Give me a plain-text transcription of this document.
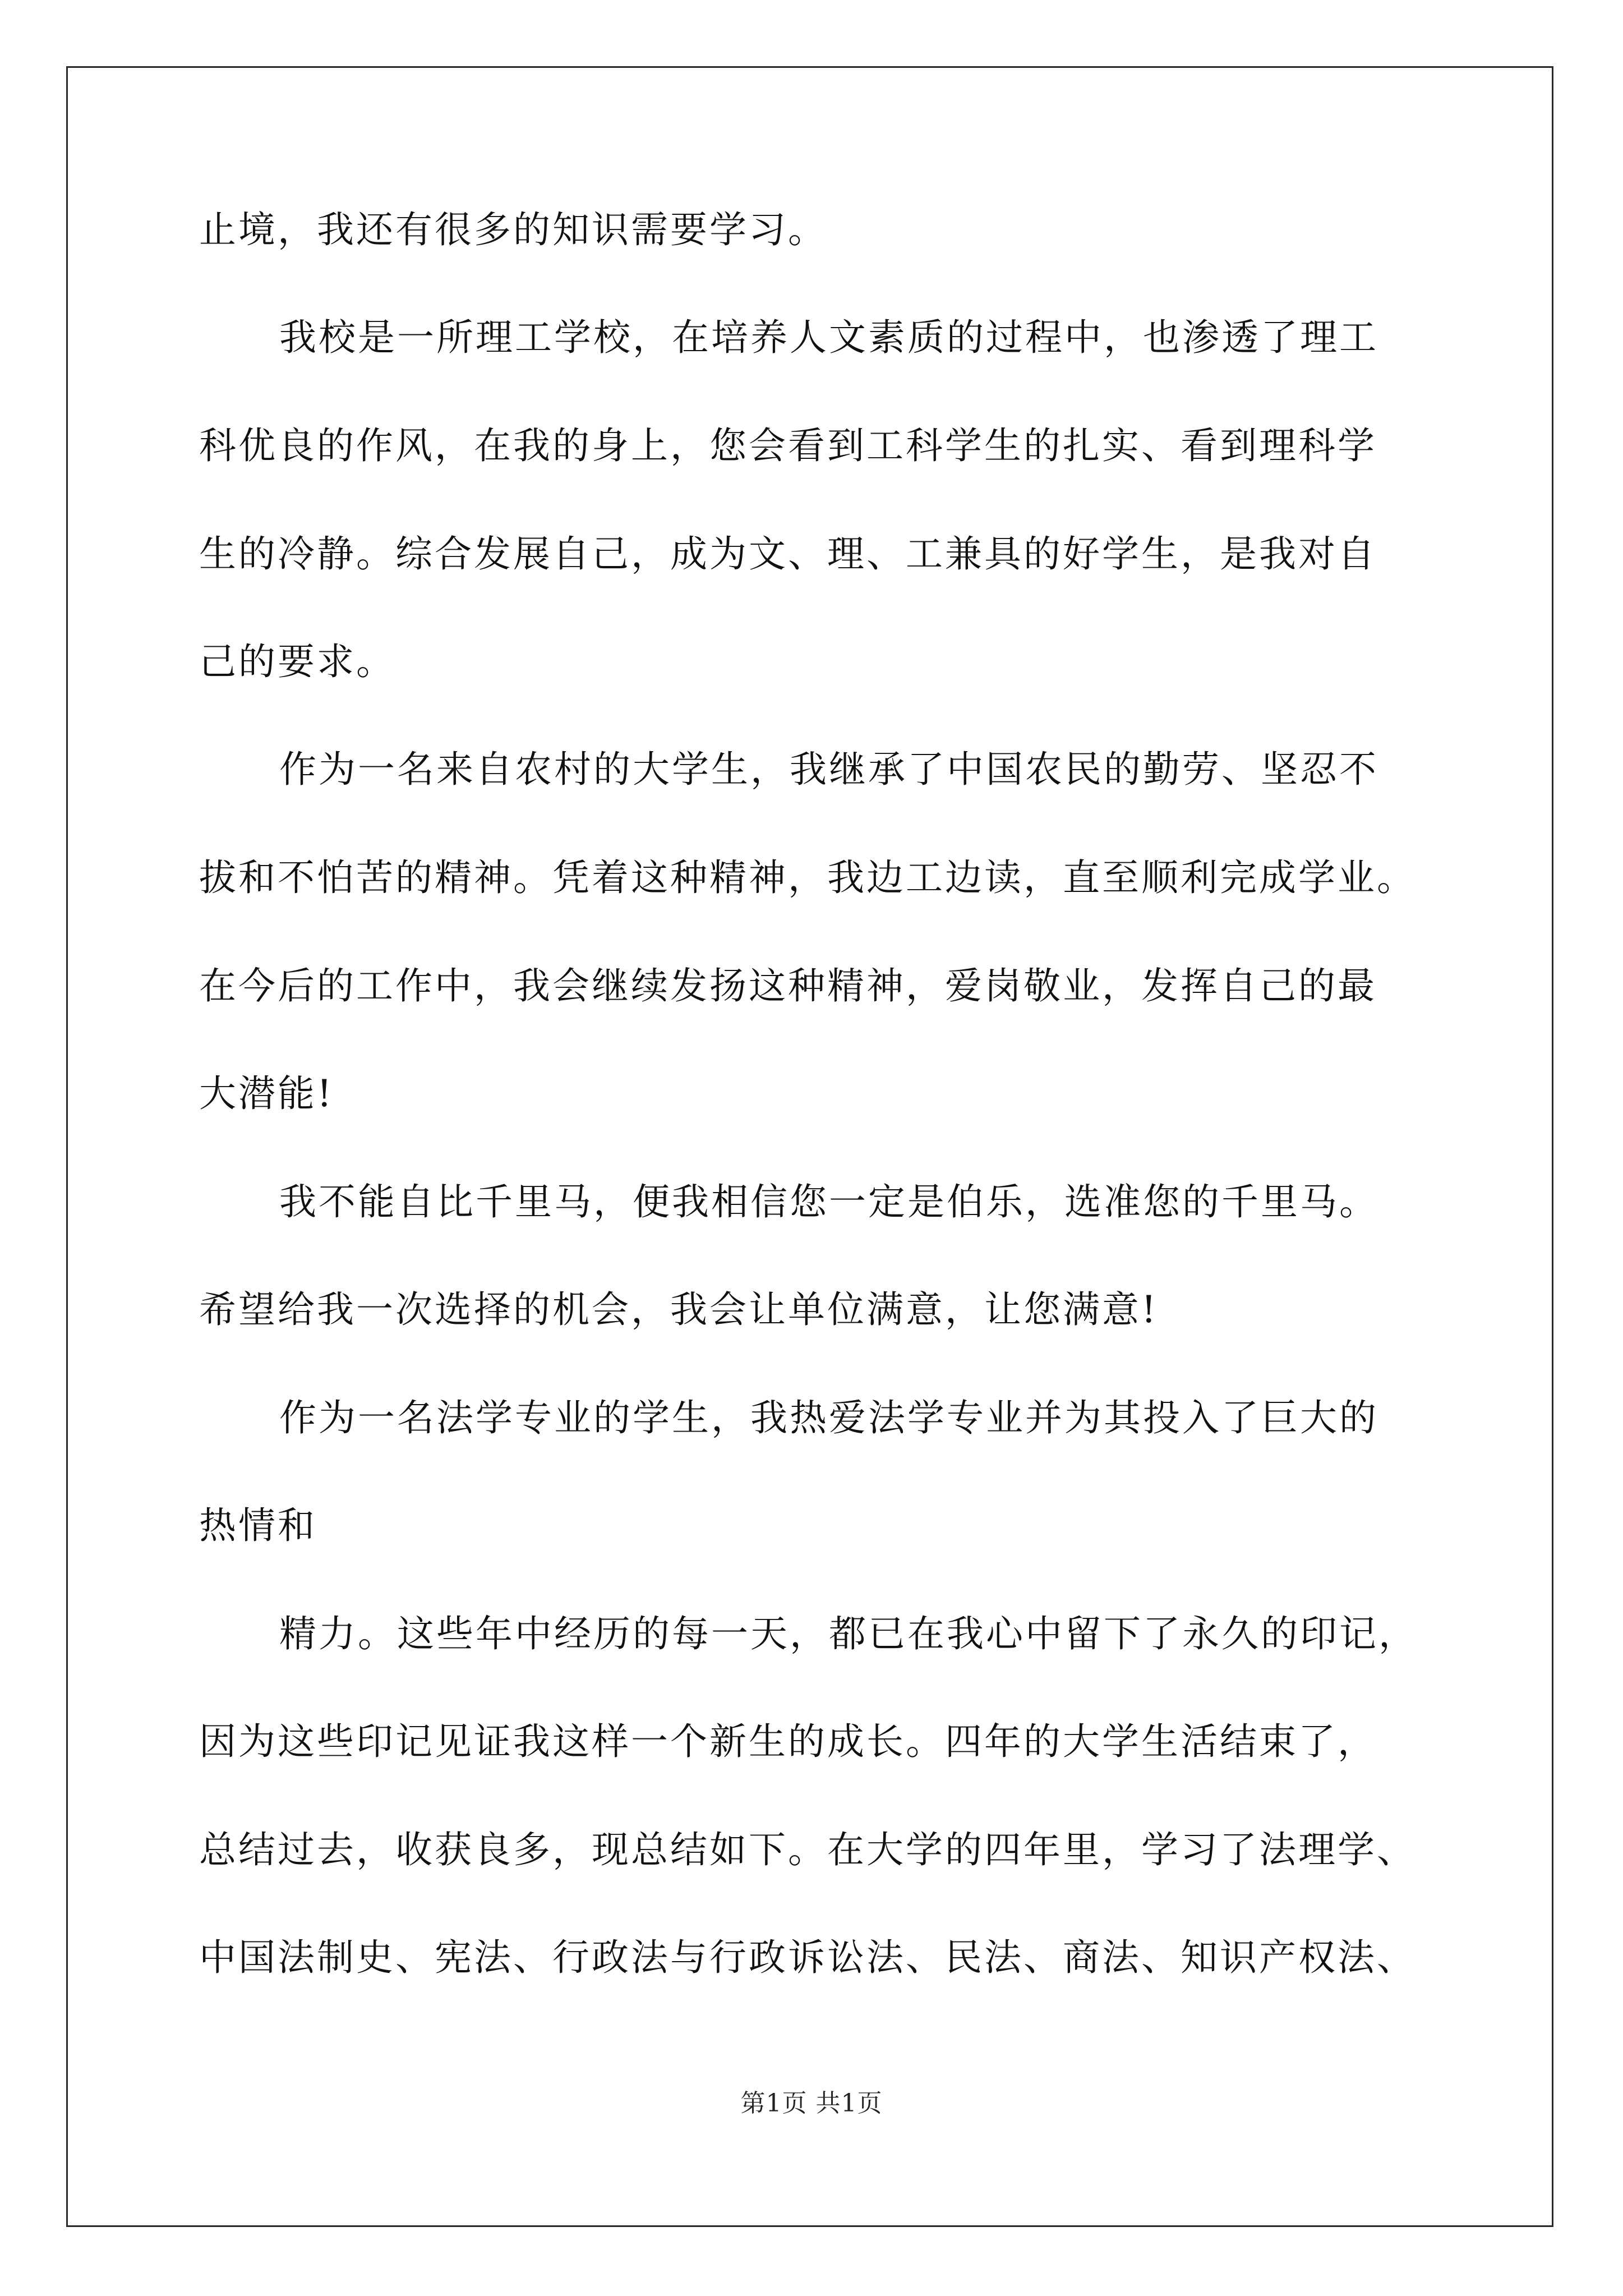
止境，我还有很多的知识需要学习。
我校是一所理工学校，在培养人文素质的过程中，也渗透了理工
科优良的作风，在我的身上，您会看到工科学生的扎实、看到理科学
生的冷静。综合发展自己，成为文、理、工兼具的好学生，是我对自
己的要求。
作为一名来自农村的大学生，我继承了中国农民的勤劳、坚忍不
拔和不怕苦的精神。凭着这种精神，我边工边读，直至顺利完成学业。
在今后的工作中，我会继续发扬这种精神，爱岗敬业，发挥自己的最
大潜能!
我不能自比千里马，便我相信您一定是伯乐，选准您的千里马。
希望给我一次选择的机会，我会让单位满意，让您满意!
作为一名法学专业的学生，我热爱法学专业并为其投入了巨大的
热情和
精力。这些年中经历的每一天，都已在我心中留下了永久的印记，
因为这些印记见证我这样一个新生的成长。四年的大学生活结束了，
总结过去，收获良多，现总结如下。在大学的四年里，学习了法理学、
中国法制史、宪法、行政法与行政诉讼法、民法、商法、知识产权法、
第1页 共1页
